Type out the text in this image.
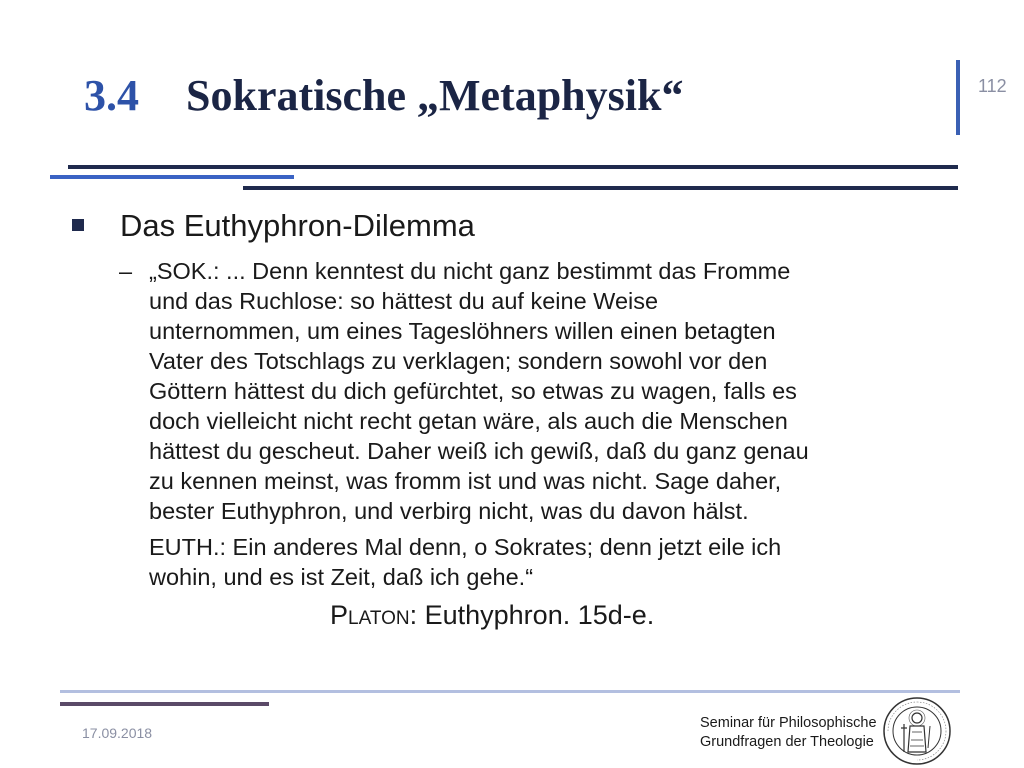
3.4 Sokratische „Metaphysik“	112
Das Euthyphron-Dilemma
– „SOK.: ... Denn kenntest du nicht ganz bestimmt das Fromme
und das Ruchlose: so hättest du auf keine Weise
unternommen, um eines Tageslöhners willen einen betagten
Vater des Totschlags zu verklagen; sondern sowohl vor den
Göttern hättest du dich gefürchtet, so etwas zu wagen, falls es
doch vielleicht nicht recht getan wäre, als auch die Menschen
hättest du gescheut. Daher weiß ich gewiß, daß du ganz genau
zu kennen meinst, was fromm ist und was nicht. Sage daher,
bester Euthyphron, und verbirg nicht, was du davon hälst.

EUTH.: Ein anderes Mal denn, o Sokrates; denn jetzt eile ich
wohin, und es ist Zeit, daß ich gehe.“

Platon: Euthyphron. 15d-e.
17.09.2018
Seminar für Philosophische
Grundfragen der Theologie
